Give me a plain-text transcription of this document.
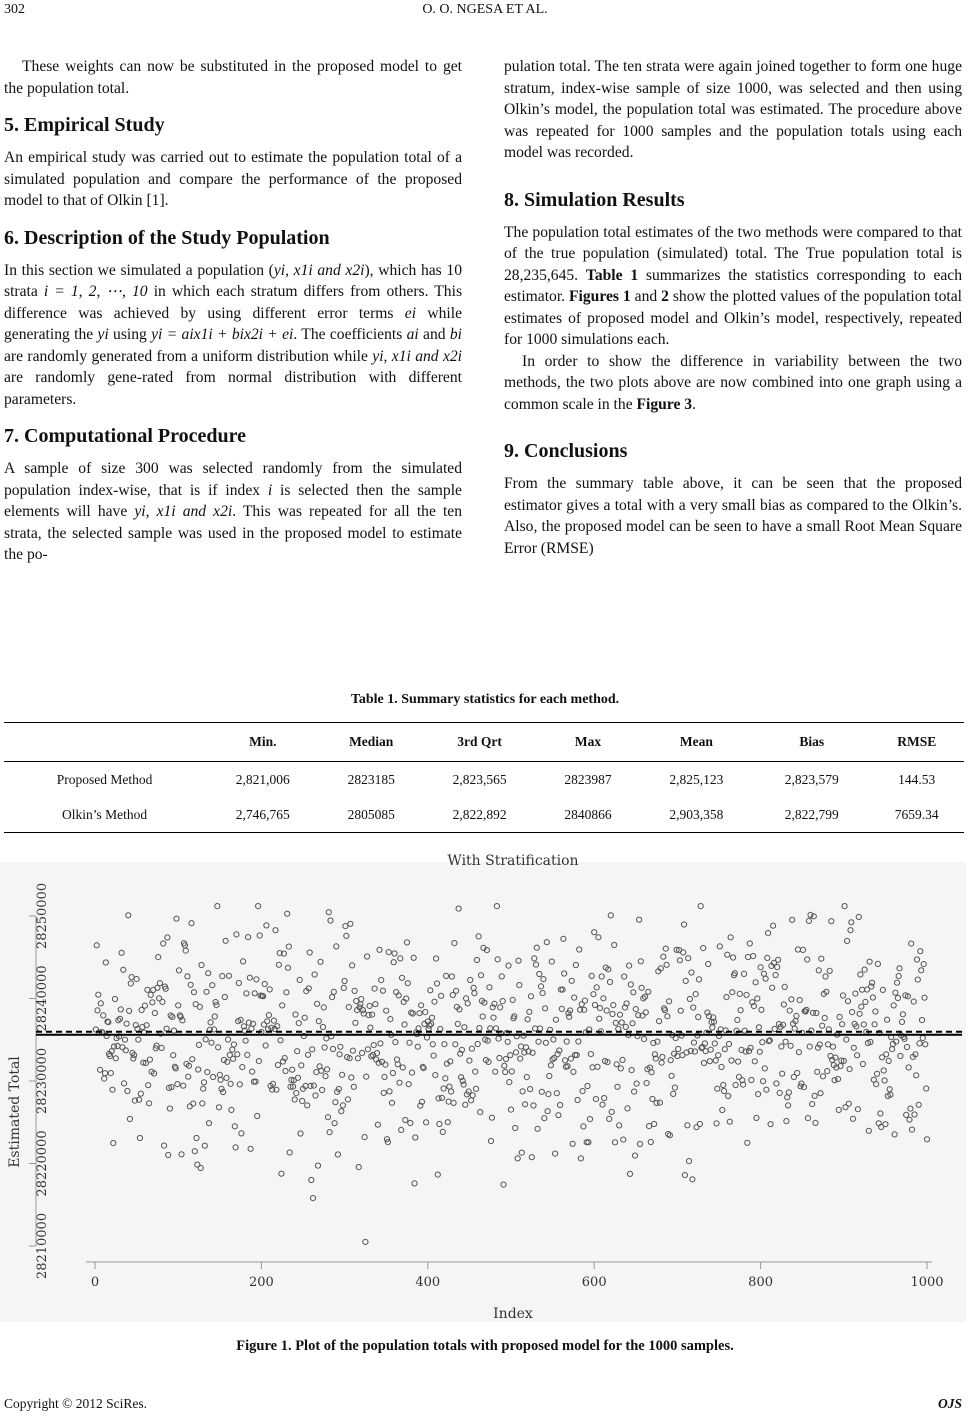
302	O. O. NGESA ET AL.

These weights can now be substituted in the proposed model to get the population total.

5. Empirical Study

An empirical study was carried out to estimate the population total of a simulated population and compare the performance of the proposed model to that of Olkin [1].

6. Description of the Study Population

In this section we simulated a population (yi, x1i and x2i), which has 10 strata i = 1, 2, ⋯, 10 in which each stratum differs from others. This difference was achieved by using different error terms ei while generating the yi using yi = aix1i + bix2i + ei. The coefficients ai and bi are randomly generated from a uniform distribution while yi, x1i and x2i are randomly gene-rated from normal distribution with different parameters.

7. Computational Procedure

A sample of size 300 was selected randomly from the simulated population index-wise, that is if index i is selected then the sample elements will have yi, x1i and x2i. This was repeated for all the ten strata, the selected sample was used in the proposed model to estimate the po-

pulation total. The ten strata were again joined together to form one huge stratum, index-wise sample of size 1000, was selected and then using Olkin’s model, the population total was estimated. The procedure above was repeated for 1000 samples and the population totals using each model was recorded.

8. Simulation Results

The population total estimates of the two methods were compared to that of the true population (simulated) total. The True population total is 28,235,645. Table 1 summarizes the statistics corresponding to each estimator. Figures 1 and 2 show the plotted values of the population total estimates of proposed model and Olkin’s model, respectively, repeated for 1000 simulations each.

In order to show the difference in variability between the two methods, the two plots above are now combined into one graph using a common scale in the Figure 3.

9. Conclusions

From the summary table above, it can be seen that the proposed estimator gives a total with a very small bias as compared to the Olkin’s. Also, the proposed model can be seen to have a small Root Mean Square Error (RMSE)

Table 1. Summary statistics for each method.
	Min.	Median	3rd Qrt	Max	Mean	Bias	RMSE
Proposed Method	2,821,006	2823185	2,823,565	2823987	2,825,123	2,823,579	144.53
Olkin’s Method	2,746,765	2805085	2,822,892	2840866	2,903,358	2,822,799	7659.34
With Stratification
Index
Estimated Total
0	200	400	600	800	1000
28210000
28220000
28230000
28240000
28250000
Figure 1. Plot of the population totals with proposed model for the 1000 samples.
Copyright © 2012 SciRes.	OJS
